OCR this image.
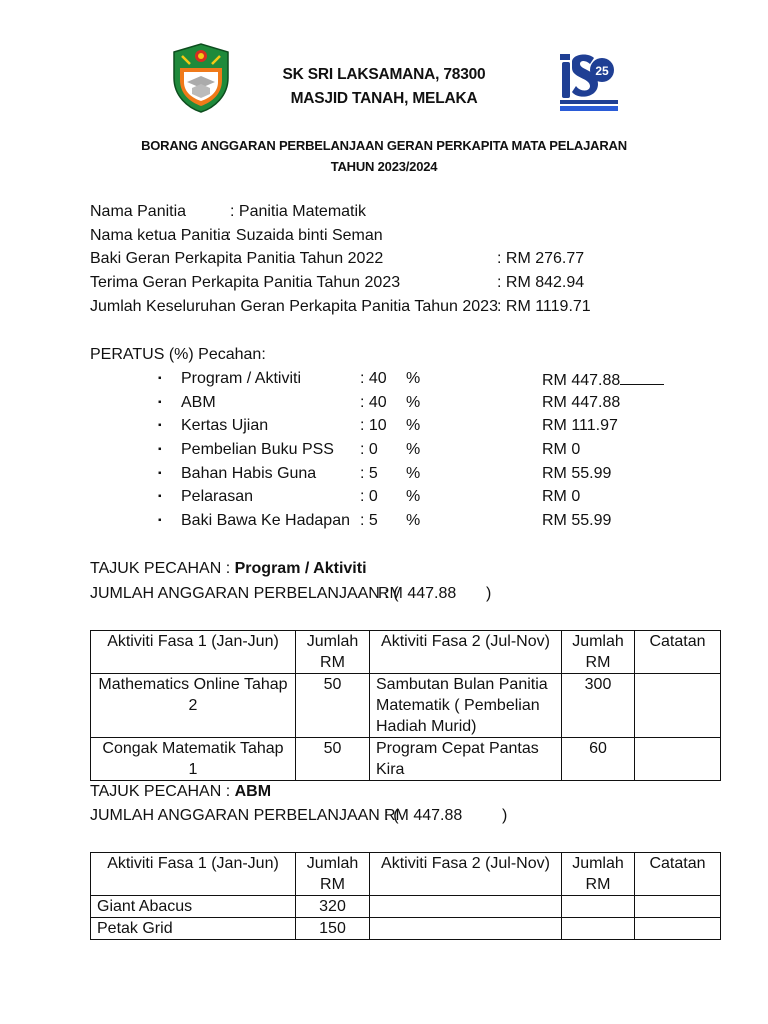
25
SK SRI LAKSAMANA, 78300
MASJID TANAH, MELAKA
BORANG ANGGARAN PERBELANJAAN GERAN PERKAPITA MATA PELAJARAN
TAHUN 2023/2024
Nama Panitia	: Panitia Matematik
Nama ketua Panitia
: Suzaida binti Seman
Baki Geran Perkapita Panitia Tahun 2022	: RM 276.77
Terima Geran Perkapita Panitia Tahun 2023	: RM 842.94
Jumlah Keseluruhan Geran Perkapita Panitia Tahun 2023 : RM 1119.71
PERATUS (%) Pecahan:
▪ Program / Aktiviti	: 40 %	RM 447.88
▪ ABM	: 40 %	RM 447.88
▪ Kertas Ujian	: 10 %	RM 111.97
▪ Pembelian Buku PSS : 0 %	RM 0
▪ Bahan Habis Guna	: 5 %	RM 55.99
▪ Pelarasan	: 0 %	RM 0
▪ Baki Bawa Ke Hadapan : 5 %	RM 55.99
TAJUK PECAHAN : Program / Aktiviti
JUMLAH ANGGARAN PERBELANJAAN : (
RM 447.88 )
Aktiviti Fasa 1 (Jan-Jun)	Jumlah RM	Aktiviti Fasa 2 (Jul-Nov)	Jumlah RM	Catatan
Mathematics Online Tahap 2	50	Sambutan Bulan Panitia Matematik ( Pembelian Hadiah Murid)	300	
Congak Matematik Tahap 1	50	Program Cepat Pantas Kira	60	
TAJUK PECAHAN : ABM
JUMLAH ANGGARAN PERBELANJAAN : (
RM 447.88 )
Aktiviti Fasa 1 (Jan-Jun)	Jumlah RM	Aktiviti Fasa 2 (Jul-Nov)	Jumlah RM	Catatan
Giant Abacus	320			
Petak Grid	150			
